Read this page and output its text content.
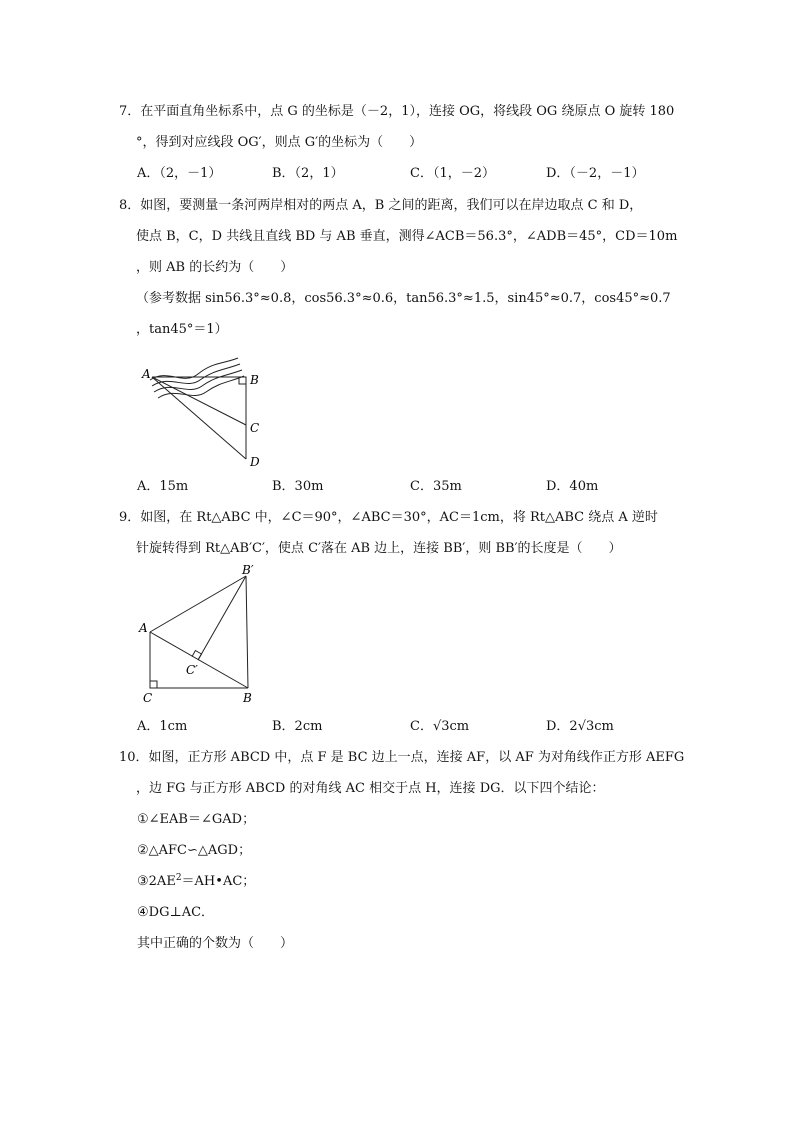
7．在平面直角坐标系中，点 G 的坐标是（－2，1），连接 OG，将线段 OG 绕原点 O 旋转 180
°，得到对应线段 OG′，则点 G′的坐标为（　　）
A．（2，－1）	B．（2，1）	C．（1，－2）	D．（－2，－1）
8．如图，要测量一条河两岸相对的两点 A，B 之间的距离，我们可以在岸边取点 C 和 D，
使点 B，C，D 共线且直线 BD 与 AB 垂直，测得∠ACB＝56.3°，∠ADB＝45°，CD＝10m
，则 AB 的长约为（　　）
（参考数据 sin56.3°≈0.8，cos56.3°≈0.6，tan56.3°≈1.5，sin45°≈0.7，cos45°≈0.7
，tan45°＝1）
A	B
C
D
A．15m	B．30m	C．35m	D．40m
9．如图，在 Rt△ABC 中，∠C＝90°，∠ABC＝30°，AC＝1cm，将 Rt△ABC 绕点 A 逆时
针旋转得到 Rt△AB′C′，使点 C′落在 AB 边上，连接 BB′，则 BB′的长度是（　　）
A
B′
C′
C	B
A．1cm	B．2cm	C．√3cm	D．2√3cm
10．如图，正方形 ABCD 中，点 F 是 BC 边上一点，连接 AF，以 AF 为对角线作正方形 AEFG
，边 FG 与正方形 ABCD 的对角线 AC 相交于点 H，连接 DG．以下四个结论：
①∠EAB＝∠GAD；
②△AFC∽△AGD；
$③2AE^2=AH•AC$；
④DG⊥AC．
其中正确的个数为（　　）
